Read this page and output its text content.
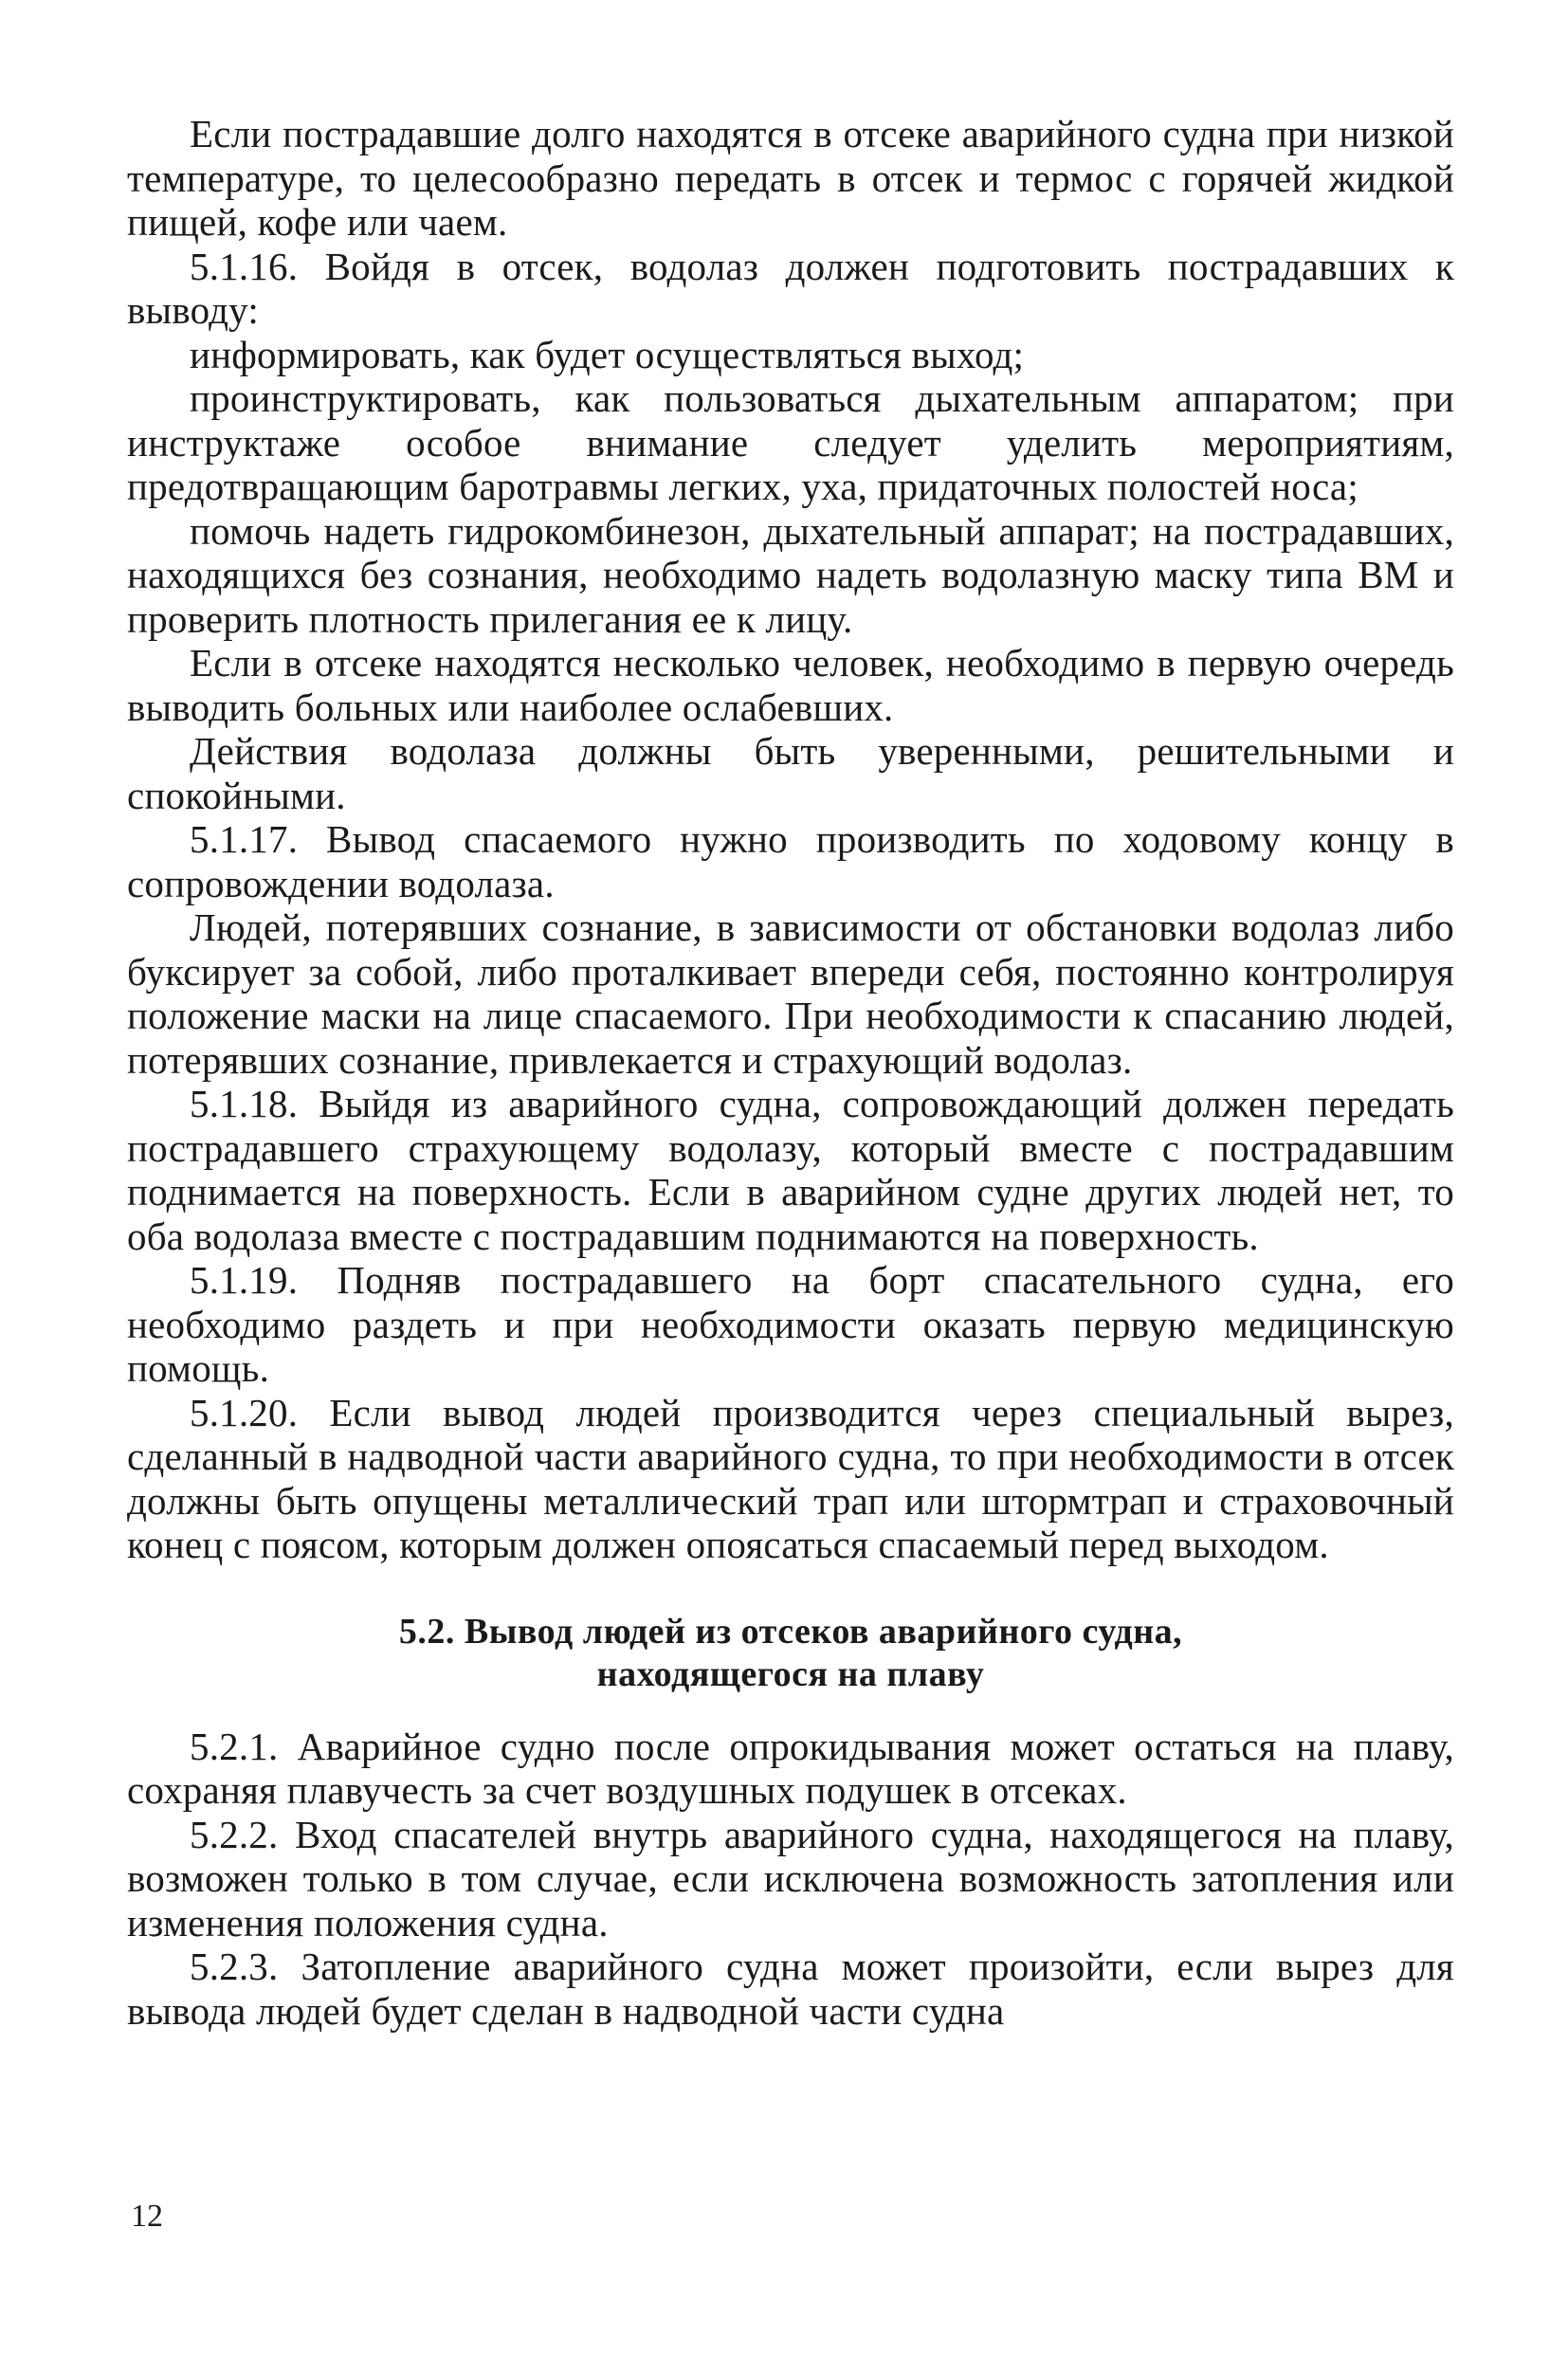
Если пострадавшие долго находятся в отсеке аварийного судна при низкой температуре, то целесообразно передать в отсек и термос с горячей жидкой пищей, кофе или чаем.

5.1.16. Войдя в отсек, водолаз должен подготовить пострадавших к выводу:

информировать, как будет осуществляться выход;

проинструктировать, как пользоваться дыхательным аппаратом; при инструктаже особое внимание следует уделить мероприятиям, предотвращающим баротравмы легких, уха, придаточных полостей носа;

помочь надеть гидрокомбинезон, дыхательный аппарат; на пострадавших, находящихся без сознания, необходимо надеть водолазную маску типа ВМ и проверить плотность прилегания ее к лицу.

Если в отсеке находятся несколько человек, необходимо в первую очередь выводить больных или наиболее ослабевших.

Действия водолаза должны быть уверенными, решительными и спокойными.

5.1.17. Вывод спасаемого нужно производить по ходовому концу в сопровождении водолаза.

Людей, потерявших сознание, в зависимости от обстановки водолаз либо буксирует за собой, либо проталкивает впереди себя, постоянно контролируя положение маски на лице спасаемого. При необходимости к спасанию людей, потерявших сознание, привлекается и страхующий водолаз.

5.1.18. Выйдя из аварийного судна, сопровождающий должен передать пострадавшего страхующему водолазу, который вместе с пострадавшим поднимается на поверхность. Если в аварийном судне других людей нет, то оба водолаза вместе с пострадавшим поднимаются на поверхность.

5.1.19. Подняв пострадавшего на борт спасательного судна, его необходимо раздеть и при необходимости оказать первую медицинскую помощь.

5.1.20. Если вывод людей производится через специальный вырез, сделанный в надводной части аварийного судна, то при необходимости в отсек должны быть опущены металлический трап или штормтрап и страховочный конец с поясом, которым должен опоясаться спасаемый перед выходом.

5.2. Вывод людей из отсеков аварийного судна,
находящегося на плаву

5.2.1. Аварийное судно после опрокидывания может остаться на плаву, сохраняя плавучесть за счет воздушных подушек в отсеках.

5.2.2. Вход спасателей внутрь аварийного судна, находящегося на плаву, возможен только в том случае, если исключена возможность затопления или изменения положения судна.

5.2.3. Затопление аварийного судна может произойти, если вырез для вывода людей будет сделан в надводной части судна

12
